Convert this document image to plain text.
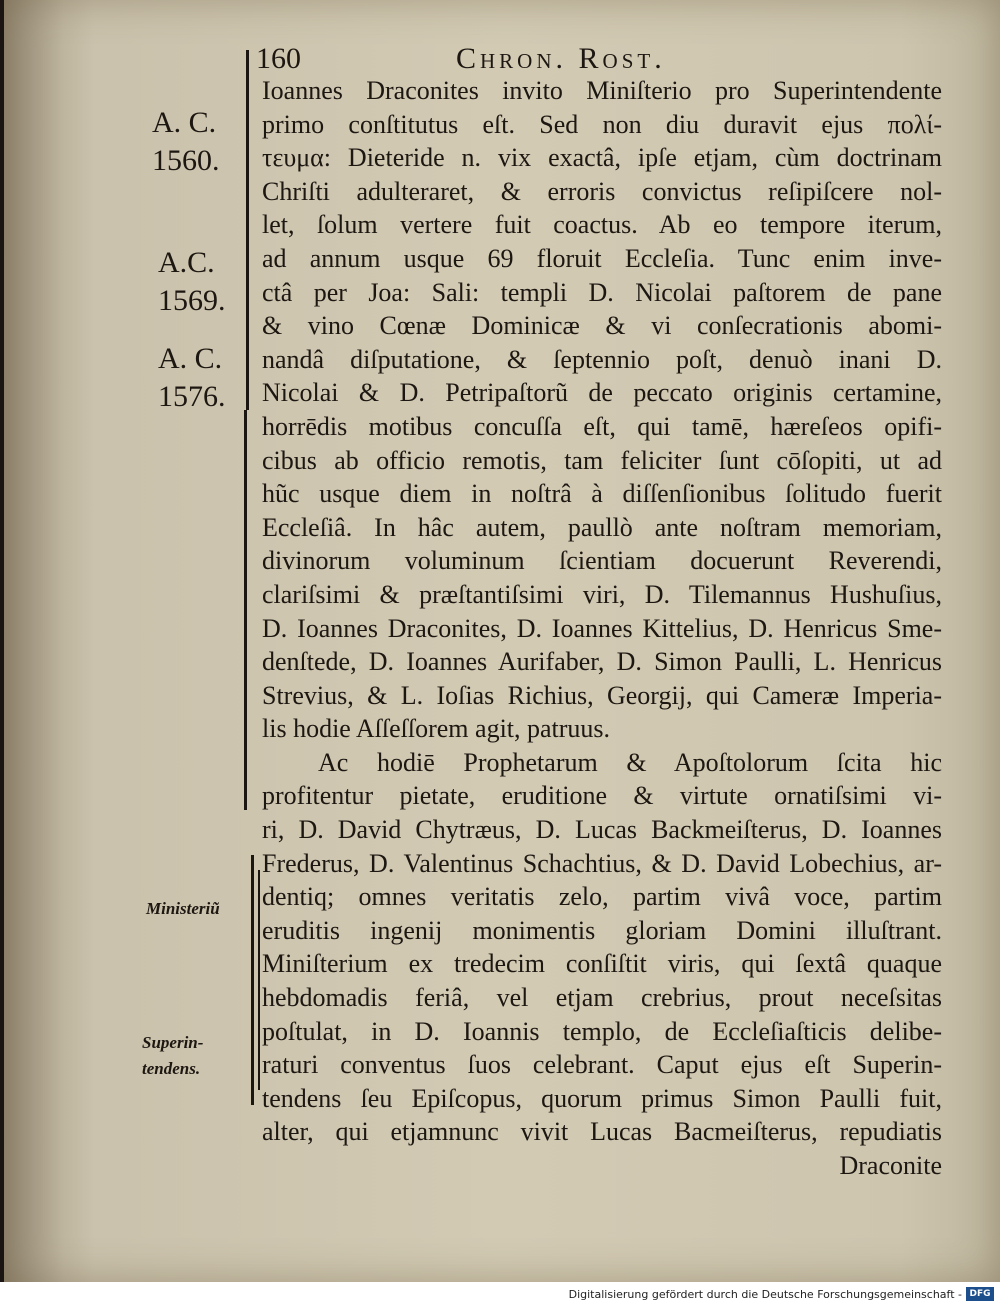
160	Chron. Rost.
A. C.
1560.
A.C.
1569.
A. C.
1576.
Ministeriũ
Superin-
tendens.
Ioannes Draconites invito Miniſterio pro Superintendente
primo conſtitutus eſt. Sed non diu duravit ejus πολί-
τευμα: Dieteride n. vix exactâ, ipſe etjam, cùm doctrinam
Chriſti adulteraret, & erroris convictus reſipiſcere nol-
let, ſolum vertere fuit coactus. Ab eo tempore iterum,
ad annum usque 69 floruit Eccleſia. Tunc enim inve-
ctâ per Joa: Sali: templi D. Nicolai paſtorem de pane
& vino Cœnæ Dominicæ & vi conſecrationis abomi-
nandâ diſputatione, & ſeptennio poſt, denuò inani D.
Nicolai & D. Petripaſtorũ de peccato originis certamine,
horrēdis motibus concuſſa eſt, qui tamē, hæreſeos opifi-
cibus ab officio remotis, tam feliciter ſunt cōſopiti, ut ad
hũc usque diem in noſtrâ à diſſenſionibus ſolitudo fuerit
Eccleſiâ. In hâc autem, paullò ante noſtram memoriam,
divinorum voluminum ſcientiam docuerunt Reverendi,
clariſsimi & præſtantiſsimi viri, D. Tilemannus Hushuſius,
D. Ioannes Draconites, D. Ioannes Kittelius, D. Henricus Sme-
denſtede, D. Ioannes Aurifaber, D. Simon Paulli, L. Henricus
Strevius, & L. Ioſias Richius, Georgij, qui Cameræ Imperia-
lis hodie Aſſeſſorem agit, patruus.
Ac hodiē Prophetarum & Apoſtolorum ſcita hic
profitentur pietate, eruditione & virtute ornatiſsimi vi-
ri, D. David Chytræus, D. Lucas Backmeiſterus, D. Ioannes
Frederus, D. Valentinus Schachtius, & D. David Lobechius, ar-
dentiq; omnes veritatis zelo, partim vivâ voce, partim
eruditis ingenij monimentis gloriam Domini illuſtrant.
Miniſterium ex tredecim conſiſtit viris, qui ſextâ quaque
hebdomadis feriâ, vel etjam crebrius, prout neceſsitas
poſtulat, in D. Ioannis templo, de Eccleſiaſticis delibe-
raturi conventus ſuos celebrant. Caput ejus eſt Superin-
tendens ſeu Epiſcopus, quorum primus Simon Paulli fuit,
alter, qui etjamnunc vivit Lucas Bacmeiſterus, repudiatis
Draconite
Digitalisierung gefördert durch die Deutsche Forschungsgemeinschaft - DFG
